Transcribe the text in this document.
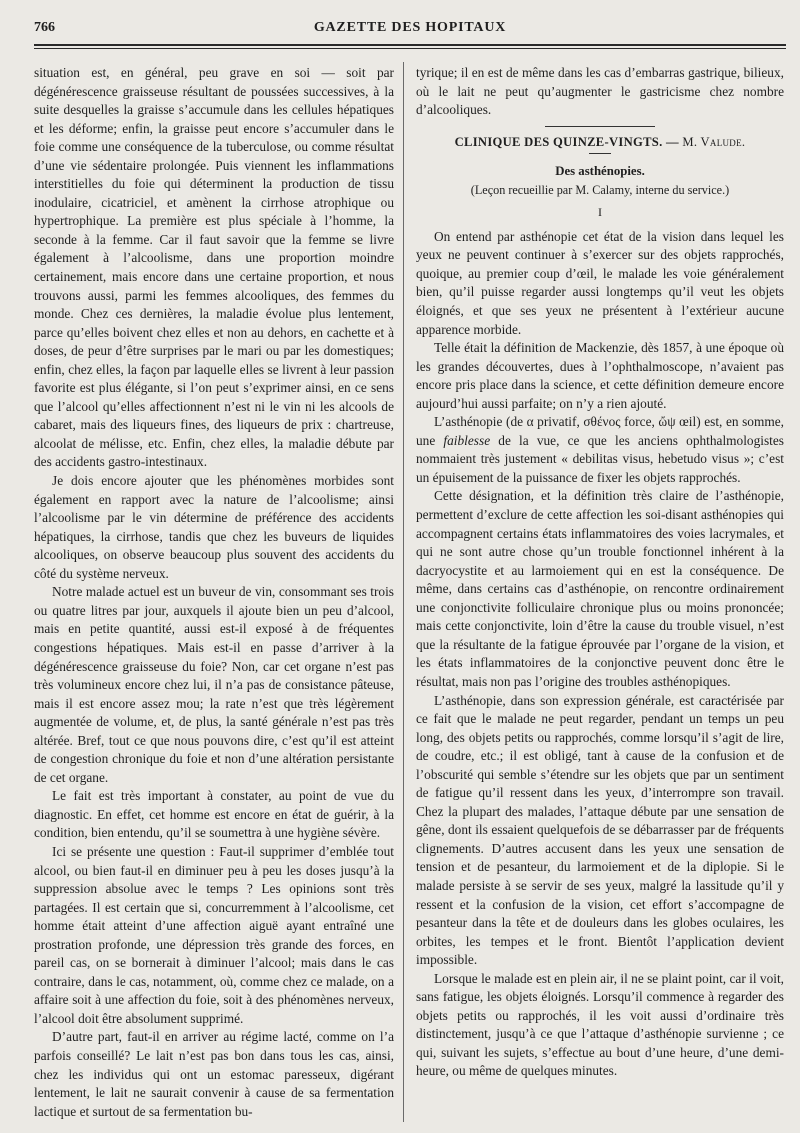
766	GAZETTE DES HOPITAUX

situation est, en général, peu grave en soi — soit par dégénérescence graisseuse résultant de poussées successives, à la suite desquelles la graisse s’accumule dans les cellules hépatiques et les déforme; enfin, la graisse peut encore s’accumuler dans le foie comme une conséquence de la tuberculose, ou comme résultat d’une vie sédentaire prolongée. Puis viennent les inflammations interstitielles du foie qui déterminent la production de tissu inodulaire, cicatriciel, et amènent la cirrhose atrophique ou hypertrophique. La première est plus spéciale à l’homme, la seconde à la femme. Car il faut savoir que la femme se livre également à l’alcoolisme, dans une proportion moindre certainement, mais encore dans une certaine proportion, et nous trouvons aussi, parmi les femmes alcooliques, des femmes du monde. Chez ces dernières, la maladie évolue plus lentement, parce qu’elles boivent chez elles et non au dehors, en cachette et à doses, de peur d’être surprises par le mari ou par les domestiques; enfin, chez elles, la façon par laquelle elles se livrent à leur passion favorite est plus élégante, si l’on peut s’exprimer ainsi, en ce sens que l’alcool qu’elles affectionnent n’est ni le vin ni les alcools de cabaret, mais des liqueurs fines, des liqueurs de prix : chartreuse, alcoolat de mélisse, etc. Enfin, chez elles, la maladie débute par des accidents gastro-intestinaux.

Je dois encore ajouter que les phénomènes morbides sont également en rapport avec la nature de l’alcoolisme; ainsi l’alcoolisme par le vin détermine de préférence des accidents hépatiques, la cirrhose, tandis que chez les buveurs de liquides alcooliques, on observe beaucoup plus souvent des accidents du côté du système nerveux.

Notre malade actuel est un buveur de vin, consommant ses trois ou quatre litres par jour, auxquels il ajoute bien un peu d’alcool, mais en petite quantité, aussi est-il exposé à de fréquentes congestions hépatiques. Mais est-il en passe d’arriver à la dégénérescence graisseuse du foie? Non, car cet organe n’est pas très volumineux encore chez lui, il n’a pas de consistance pâteuse, mais il est encore assez mou; la rate n’est que très légèrement augmentée de volume, et, de plus, la santé générale n’est pas très altérée. Bref, tout ce que nous pouvons dire, c’est qu’il est atteint de congestion chronique du foie et non d’une altération persistante de cet organe.

Le fait est très important à constater, au point de vue du diagnostic. En effet, cet homme est encore en état de guérir, à la condition, bien entendu, qu’il se soumettra à une hygiène sévère.

Ici se présente une question : Faut-il supprimer d’emblée tout alcool, ou bien faut-il en diminuer peu à peu les doses jusqu’à la suppression absolue avec le temps ? Les opinions sont très partagées. Il est certain que si, concurremment à l’alcoolisme, cet homme était atteint d’une affection aiguë ayant entraîné une prostration profonde, une dépression très grande des forces, en pareil cas, on se bornerait à diminuer l’alcool; mais dans le cas contraire, dans le cas, notamment, où, comme chez ce malade, on a affaire soit à une affection du foie, soit à des phénomènes nerveux, l’alcool doit être absolument supprimé.

D’autre part, faut-il en arriver au régime lacté, comme on l’a parfois conseillé? Le lait n’est pas bon dans tous les cas, ainsi, chez les individus qui ont un estomac paresseux, digérant lentement, le lait ne saurait convenir à cause de sa fermentation lactique et surtout de sa fermentation bu-

tyrique; il en est de même dans les cas d’embarras gastrique, bilieux, où le lait ne peut qu’augmenter le gastricisme chez nombre d’alcooliques.

CLINIQUE DES QUINZE-VINGTS. — M. Valude.
Des asthénopies.
(Leçon recueillie par M. Calamy, interne du service.)
I

On entend par asthénopie cet état de la vision dans lequel les yeux ne peuvent continuer à s’exercer sur des objets rapprochés, quoique, au premier coup d’œil, le malade les voie généralement bien, qu’il puisse regarder aussi longtemps qu’il veut les objets éloignés, et que ses yeux ne présentent à l’extérieur aucune apparence morbide.

Telle était la définition de Mackenzie, dès 1857, à une époque où les grandes découvertes, dues à l’ophthalmoscope, n’avaient pas encore pris place dans la science, et cette définition demeure encore aujourd’hui aussi parfaite; on n’y a rien ajouté.

L’asthénopie (de α privatif, σθένος force, ὤψ œil) est, en somme, une faiblesse de la vue, ce que les anciens ophthalmologistes nommaient très justement « debilitas visus, hebetudo visus »; c’est un épuisement de la puissance de fixer les objets rapprochés.

Cette désignation, et la définition très claire de l’asthénopie, permettent d’exclure de cette affection les soi-disant asthénopies qui accompagnent certains états inflammatoires des voies lacrymales, et qui ne sont autre chose qu’un trouble fonctionnel inhérent à la dacryocystite et au larmoiement qui en est la conséquence. De même, dans certains cas d’asthénopie, on rencontre ordinairement une conjonctivite folliculaire chronique plus ou moins prononcée; mais cette conjonctivite, loin d’être la cause du trouble visuel, n’est que la résultante de la fatigue éprouvée par l’organe de la vision, et les états inflammatoires de la conjonctive peuvent donc être le résultat, mais non pas l’origine des troubles asthénopiques.

L’asthénopie, dans son expression générale, est caractérisée par ce fait que le malade ne peut regarder, pendant un temps un peu long, des objets petits ou rapprochés, comme lorsqu’il s’agit de lire, de coudre, etc.; il est obligé, tant à cause de la confusion et de l’obscurité qui semble s’étendre sur les objets que par un sentiment de fatigue qu’il ressent dans les yeux, d’interrompre son travail. Chez la plupart des malades, l’attaque débute par une sensation de gêne, dont ils essaient quelquefois de se débarrasser par de fréquents clignements. D’autres accusent dans les yeux une sensation de tension et de pesanteur, du larmoiement et de la diplopie. Si le malade persiste à se servir de ses yeux, malgré la lassitude qu’il y ressent et la confusion de la vision, cet effort s’accompagne de pesanteur dans la tête et de douleurs dans les globes oculaires, les orbites, les tempes et le front. Bientôt l’application devient impossible.

Lorsque le malade est en plein air, il ne se plaint point, car il voit, sans fatigue, les objets éloignés. Lorsqu’il commence à regarder des objets petits ou rapprochés, il les voit aussi d’ordinaire très distinctement, jusqu’à ce que l’attaque d’asthénopie survienne ; ce qui, suivant les sujets, s’effectue au bout d’une heure, d’une demi-heure, ou même de quelques minutes.
